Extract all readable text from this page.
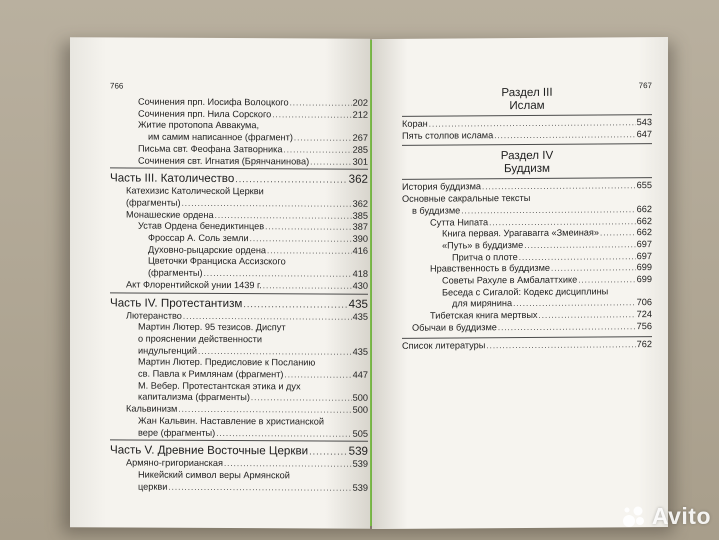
766
Сочинения прп. Иосифа Волоцкого .....	202
Сочинения прп. Нила Сорского .....	212
Житие протопопа Аввакума,
им самим написанное (фрагмент) .....	267
Письма свт. Феофана Затворника .....	285
Сочинения свт. Игнатия (Брянчанинова) .....	301
Часть III. Католичество .....	362
Катехизис Католической Церкви
(фрагменты) .....	362
Монашеские ордена .....	385
Устав Ордена бенедиктинцев .....	387
Фроссар А. Соль земли .....	390
Духовно-рыцарские ордена .....	416
Цветочки Франциска Ассизского
(фрагменты) .....	418
Акт Флорентийской унии 1439 г. .....	430
Часть IV. Протестантизм .....	435
Лютеранство .....	435
Мартин Лютер. 95 тезисов. Диспут
о прояснении действенности
индульгенций .....	435
Мартин Лютер. Предисловие к Посланию
св. Павла к Римлянам (фрагмент) .....	447
М. Вебер. Протестантская этика и дух
капитализма (фрагменты) .....	500
Кальвинизм .....	500
Жан Кальвин. Наставление в христианской
вере (фрагменты) .....	505
Часть V. Древние Восточные Церкви .....	539
Армяно-григорианская .....	539
Никейский символ веры Армянской
церкви .....	539
767
Раздел III
Ислам
Коран .....	543
Пять столпов ислама .....	647
Раздел IV
Буддизм
История буддизма .....	655
Основные сакральные тексты
в буддизме .....	662
Сутта Нипата .....	662
Книга первая. Урагавагга «Змеиная» .....	662
«Путь» в буддизме .....	697
Притча о плоте .....	697
Нравственность в буддизме .....	699
Советы Рахуле в Амбалаттхике .....	699
Беседа с Сигалой: Кодекс дисциплины
для мирянина .....	706
Тибетская книга мертвых .....	724
Обычаи в буддизме .....	756
Список литературы .....	762
Avito
